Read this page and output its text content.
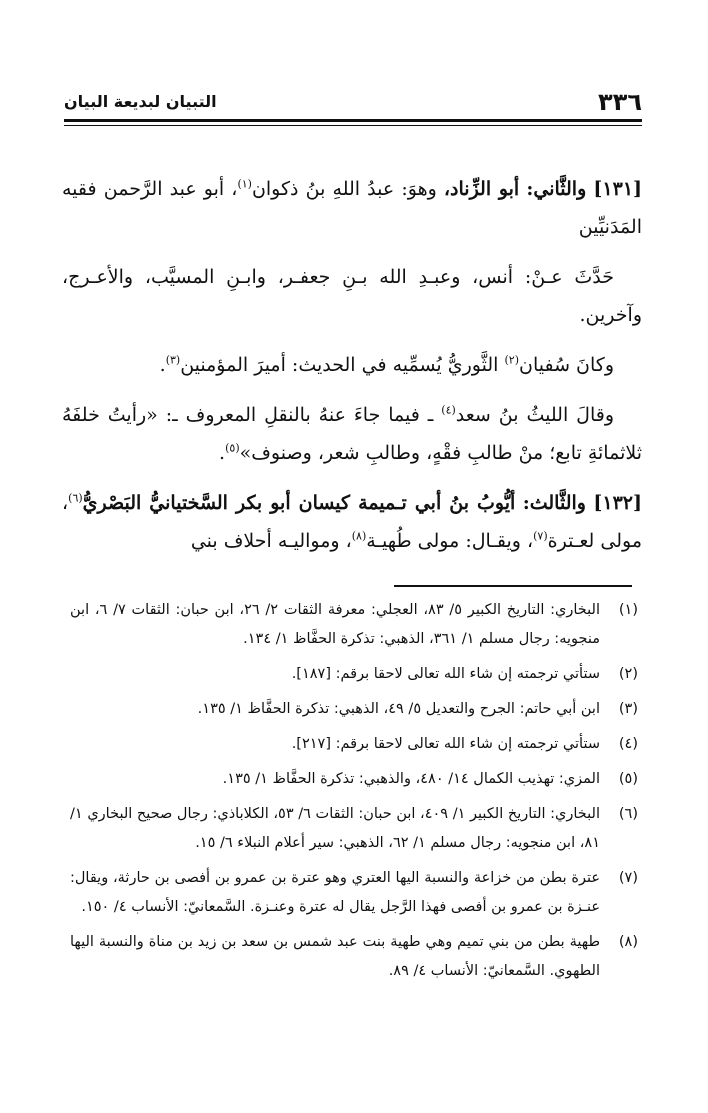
٣٣٦
التبيان لبديعة البيان

[١٣١] والثَّاني: أبو الزِّناد، وهوَ: عبدُ اللهِ بنُ ذكوان$^{(١)}$، أبو عبد الرَّحمن فقيه المَدَنيِّين

حَدَّثَ عـنْ: أنس، وعبـدِ الله بـنِ جعفـر، وابـنِ المسيَّب، والأعـرج، وآخرين.

وكانَ سُفيان$^{(٢)}$ الثَّوريُّ يُسمِّيه في الحديث: أميرَ المؤمنين$^{(٣)}$.

وقالَ الليثُ بنُ سعد$^{(٤)}$ ـ فيما جاءَ عنهُ بالنقلِ المعروف ـ: «رأيتُ خلفَهُ ثلاثمائةِ تابع؛ منْ طالبِ فقْهٍ، وطالبِ شعر، وصنوف»$^{(٥)}$.

[١٣٢] والثَّالث: أيُّوبُ بنُ أبي تـميمة كيسان أبو بكر السَّختيانيُّ البَصْريُّ$^{(٦)}$، مولى لعـترة$^{(٧)}$، ويقـال: مولى طُهيـة$^{(٨)}$، ومواليـه أحلاف بني

(١)
البخاري: التاريخ الكبير ٥/ ٨٣، العجلي: معرفة الثقات ٢/ ٢٦، ابن حبان: الثقات ٧/ ٦، ابن منجويه: رجال مسلم ١/ ٣٦١، الذهبي: تذكرة الحفَّاظ ١/ ١٣٤.
(٢)
ستأتي ترجمته إن شاء الله تعالى لاحقا برقم: [١٨٧].
(٣)
ابن أبي حاتم: الجرح والتعديل ٥/ ٤٩، الذهبي: تذكرة الحفَّاظ ١/ ١٣٥.
(٤)
ستأتي ترجمته إن شاء الله تعالى لاحقا برقم: [٢١٧].
(٥)
المزي: تهذيب الكمال ١٤/ ٤٨٠، والذهبي: تذكرة الحفَّاظ ١/ ١٣٥.
(٦)
البخاري: التاريخ الكبير ١/ ٤٠٩، ابن حبان: الثقات ٦/ ٥٣، الكلاباذي: رجال صحيح البخاري ١/ ٨١، ابن منجويه: رجال مسلم ١/ ٦٢، الذهبي: سير أعلام النبلاء ٦/ ١٥.
(٧)
عترة بطن من خزاعة والنسبة اليها العتري وهو عترة بن عمرو بن أفصى بن حارثة، ويقال: عنـزة بن عمرو بن أفصى فهذا الرَّجل يقال له عترة وعنـزة. السَّمعانيّ: الأنساب ٤/ ١٥٠.
(٨)
طهية بطن من بني تميم وهي طهية بنت عبد شمس بن سعد بن زيد بن مناة والنسبة اليها الطهوي. السَّمعانيّ: الأنساب ٤/ ٨٩.
